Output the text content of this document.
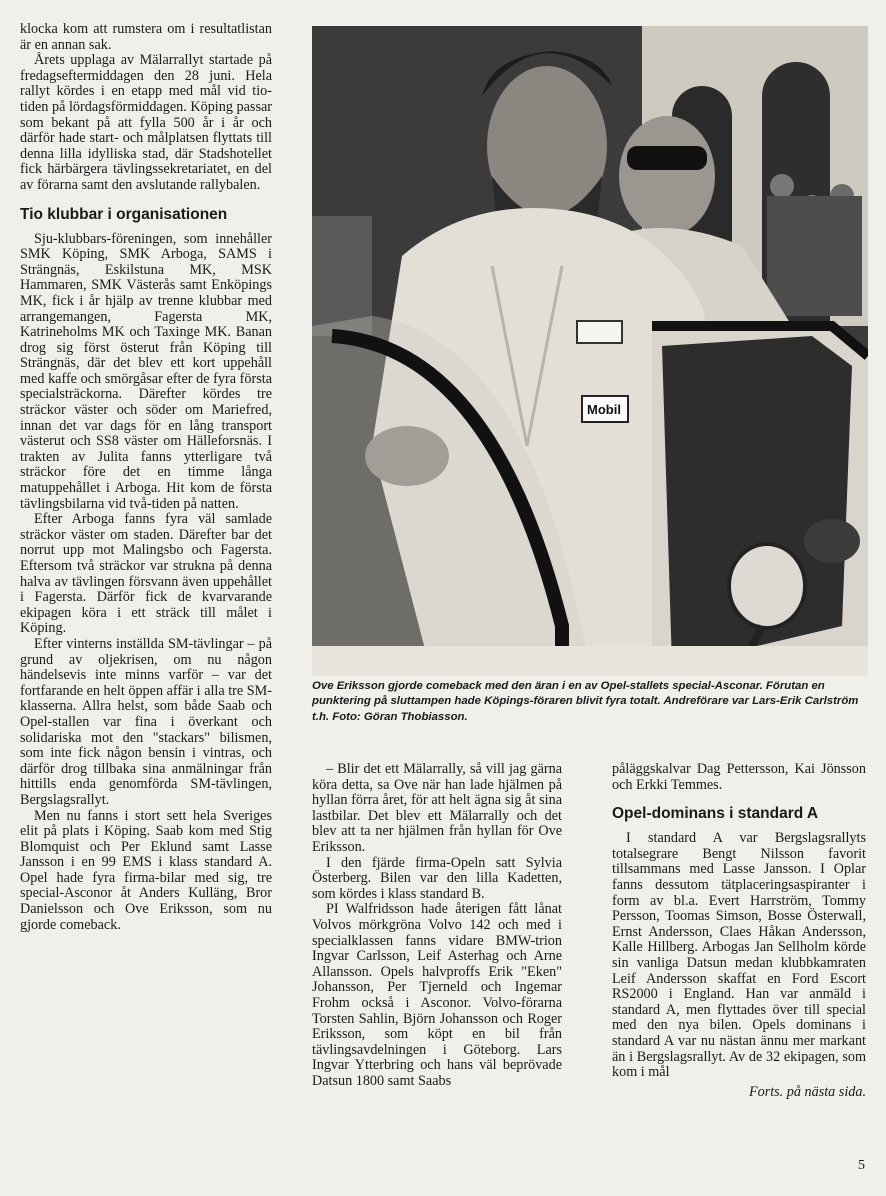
klocka kom att rumstera om i resultatlistan är en annan sak.

Årets upplaga av Mälarrallyt startade på fredagseftermiddagen den 28 juni. Hela rallyt kördes i en etapp med mål vid tio-tiden på lördagsförmiddagen. Köping passar som bekant på att fylla 500 år i år och därför hade start- och målplatsen flyttats till denna lilla idylliska stad, där Stadshotellet fick härbärgera tävlingssekretariatet, en del av förarna samt den avslutande rallybalen.

Tio klubbar i organisationen

Sju-klubbars-föreningen, som innehåller SMK Köping, SMK Arboga, SAMS i Strängnäs, Eskilstuna MK, MSK Hammaren, SMK Västerås samt Enköpings MK, fick i år hjälp av trenne klubbar med arrangemangen, Fagersta MK, Katrineholms MK och Taxinge MK. Banan drog sig först österut från Köping till Strängnäs, där det blev ett kort uppehåll med kaffe och smörgåsar efter de fyra första specialsträckorna. Därefter kördes tre sträckor väster och söder om Mariefred, innan det var dags för en lång transport västerut och SS8 väster om Hälleforsnäs. I trakten av Julita fanns ytterligare två sträckor före det en timme långa matuppehållet i Arboga. Hit kom de första tävlingsbilarna vid två-tiden på natten.

Efter Arboga fanns fyra väl samlade sträckor väster om staden. Därefter bar det norrut upp mot Malingsbo och Fagersta. Eftersom två sträckor var strukna på denna halva av tävlingen försvann även uppehållet i Fagersta. Därför fick de kvarvarande ekipagen köra i ett sträck till målet i Köping.

Efter vinterns inställda SM-tävlingar – på grund av oljekrisen, om nu någon händelsevis inte minns varför – var det fortfarande en helt öppen affär i alla tre SM-klasserna. Allra helst, som både Saab och Opel-stallen var fina i överkant och solidariska mot den "stackars" bilismen, som inte fick någon bensin i vintras, och därför drog tillbaka sina anmälningar från hittills enda genomförda SM-tävlingen, Bergslagsrallyt.

Men nu fanns i stort sett hela Sveriges elit på plats i Köping. Saab kom med Stig Blomquist och Per Eklund samt Lasse Jansson i en 99 EMS i klass standard A. Opel hade fyra firma-bilar med sig, tre special-Asconor åt Anders Kulläng, Bror Danielsson och Ove Eriksson, som nu gjorde comeback.

Mobil
Ove Eriksson gjorde comeback med den äran i en av Opel-stallets special-Asconar. Förutan en punktering på sluttampen hade Köpings-föraren blivit fyra totalt. Andreförare var Lars-Erik Carlström t.h. Foto: Göran Thobiasson.

– Blir det ett Mälarrally, så vill jag gärna köra detta, sa Ove när han lade hjälmen på hyllan förra året, för att helt ägna sig åt sina lastbilar. Det blev ett Mälarrally och det blev att ta ner hjälmen från hyllan för Ove Eriksson.

I den fjärde firma-Opeln satt Sylvia Österberg. Bilen var den lilla Kadetten, som kördes i klass standard B.

PI Walfridsson hade återigen fått lånat Volvos mörkgröna Volvo 142 och med i specialklassen fanns vidare BMW-trion Ingvar Carlsson, Leif Asterhag och Arne Allansson. Opels halvproffs Erik "Eken" Johansson, Per Tjerneld och Ingemar Frohm också i Asconor. Volvo-förarna Torsten Sahlin, Björn Johansson och Roger Eriksson, som köpt en bil från tävlingsavdelningen i Göteborg. Lars Ingvar Ytterbring och hans väl beprövade Datsun 1800 samt Saabs

påläggskalvar Dag Pettersson, Kai Jönsson och Erkki Temmes.

Opel-dominans i standard A

I standard A var Bergslagsrallyts totalsegrare Bengt Nilsson favorit tillsammans med Lasse Jansson. I Oplar fanns dessutom tätplaceringsaspiranter i form av bl.a. Evert Harrström, Tommy Persson, Toomas Simson, Bosse Österwall, Ernst Andersson, Claes Håkan Andersson, Kalle Hillberg. Arbogas Jan Sellholm körde sin vanliga Datsun medan klubbkamraten Leif Andersson skaffat en Ford Escort RS2000 i England. Han var anmäld i standard A, men flyttades över till special med den nya bilen. Opels dominans i standard A var nu nästan ännu mer markant än i Bergslagsrallyt. Av de 32 ekipagen, som kom i mål

Forts. på nästa sida.

5
